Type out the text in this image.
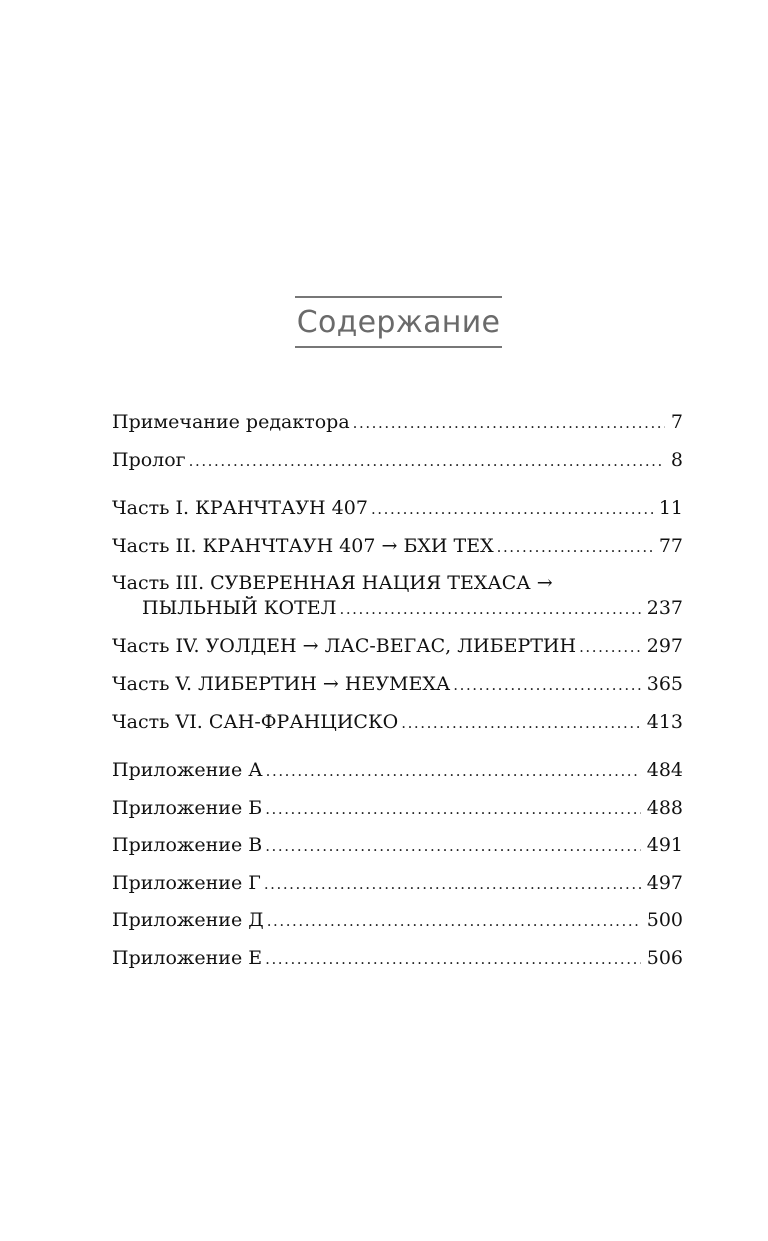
Содержание
Примечание редактора . . .	7
Пролог . . .	8
Часть I. КРАНЧТАУН 407 . . .	11
Часть II. КРАНЧТАУН 407 → БХИ ТЕХ . . .	77
Часть III. СУВЕРЕННАЯ НАЦИЯ ТЕХАСА →
ПЫЛЬНЫЙ КОТЕЛ . . .	237
Часть IV. УОЛДЕН → ЛАС-ВЕГАС, ЛИБЕРТИН . . .	297
Часть V. ЛИБЕРТИН → НЕУМЕХА . . .	365
Часть VI. САН-ФРАНЦИСКО . . .	413
Приложение А . . .	484
Приложение Б . . .	488
Приложение В . . .	491
Приложение Г . . .	497
Приложение Д . . .	500
Приложение Е . . .	506
